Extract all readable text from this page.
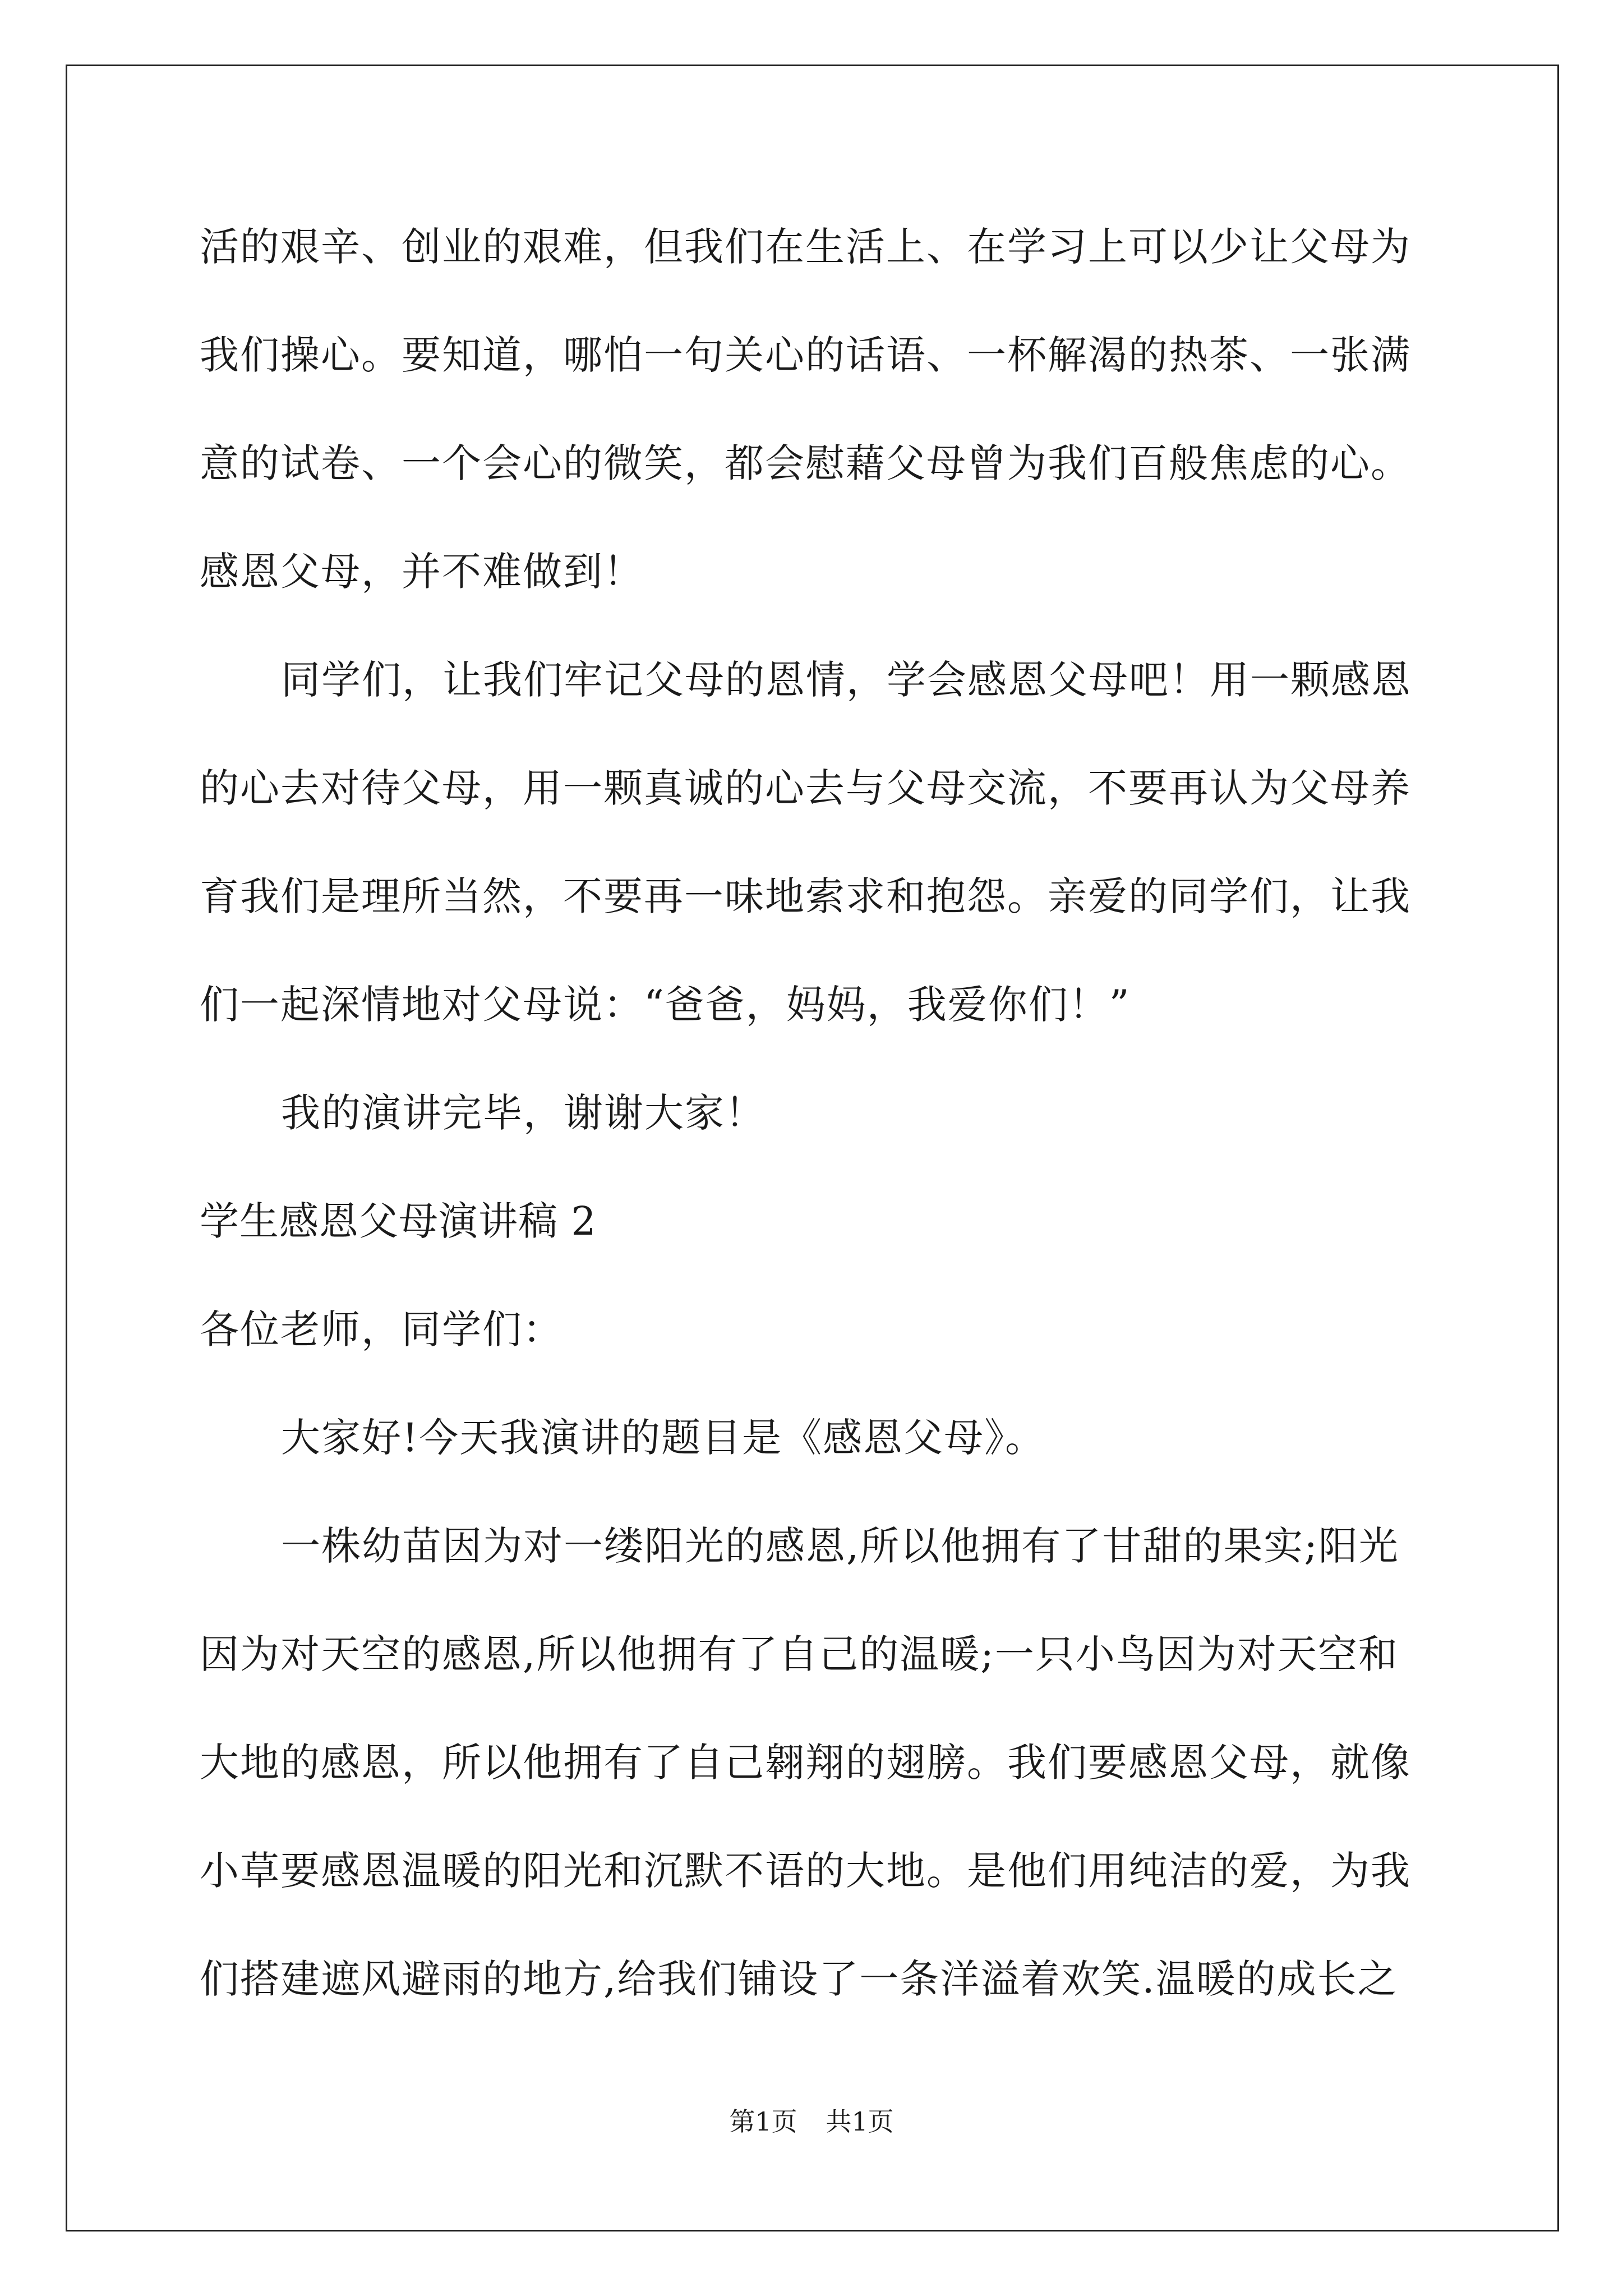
活的艰辛、创业的艰难，但我们在生活上、在学习上可以少让父母为
我们操心。要知道，哪怕一句关心的话语、一杯解渴的热茶、一张满
意的试卷、一个会心的微笑，都会慰藉父母曾为我们百般焦虑的心。
感恩父母，并不难做到！
同学们，让我们牢记父母的恩情，学会感恩父母吧！用一颗感恩
的心去对待父母，用一颗真诚的心去与父母交流，不要再认为父母养
育我们是理所当然，不要再一味地索求和抱怨。亲爱的同学们，让我
们一起深情地对父母说：“爸爸，妈妈，我爱你们！”
我的演讲完毕，谢谢大家！
学生感恩父母演讲稿 2
各位老师，同学们：
大家好!今天我演讲的题目是《感恩父母》。
一株幼苗因为对一缕阳光的感恩,所以他拥有了甘甜的果实;阳光
因为对天空的感恩,所以他拥有了自己的温暖;一只小鸟因为对天空和
大地的感恩，所以他拥有了自己翱翔的翅膀。我们要感恩父母，就像
小草要感恩温暖的阳光和沉默不语的大地。是他们用纯洁的爱，为我
们搭建遮风避雨的地方,给我们铺设了一条洋溢着欢笑.温暖的成长之
第1页 共1页
